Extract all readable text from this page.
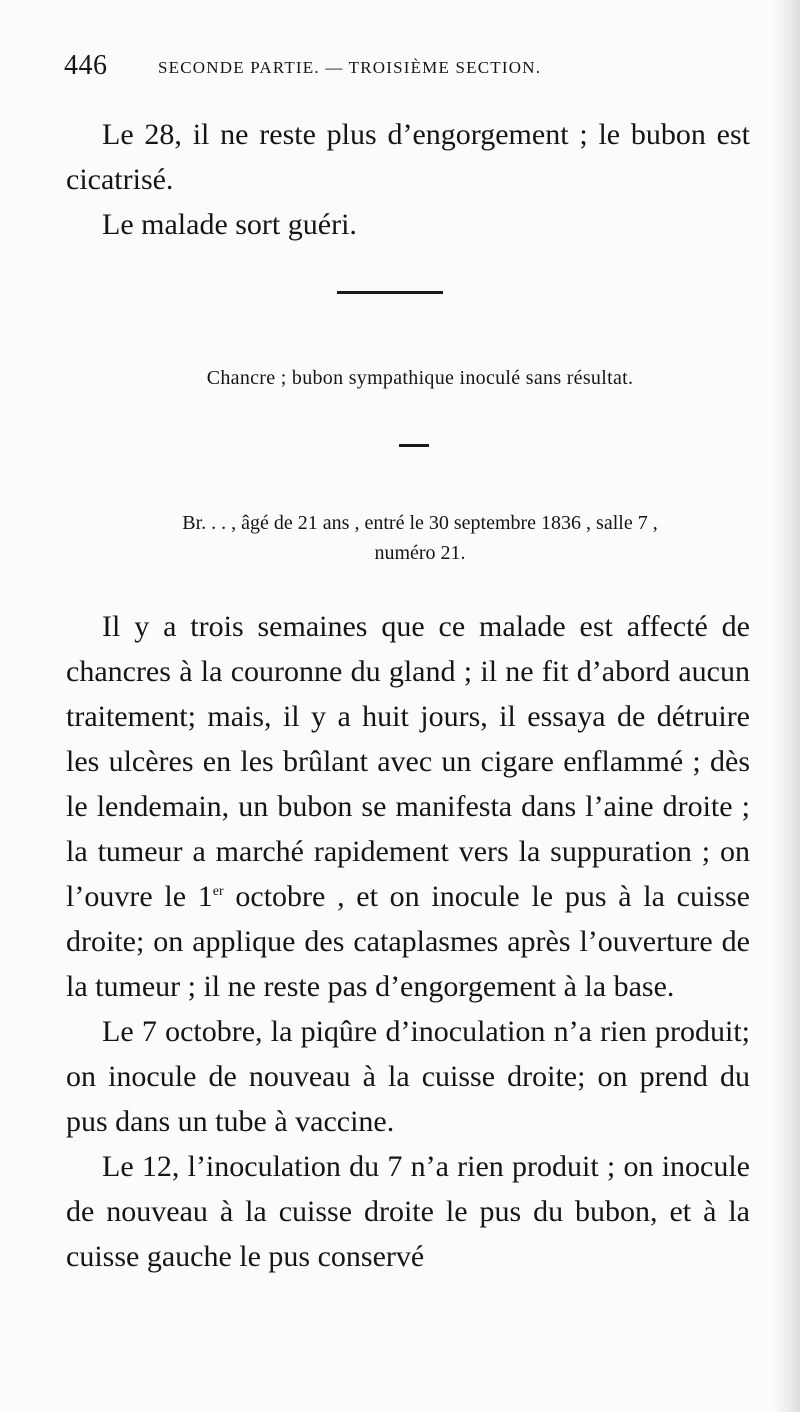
446	SECONDE PARTIE. — TROISIÈME SECTION.

Le 28, il ne reste plus d’engorgement ; le bubon est cicatrisé.

Le malade sort guéri.

Chancre ; bubon sympathique inoculé sans résultat.
Br. . . , âgé de 21 ans , entré le 30 septembre 1836 , salle 7 ,
numéro 21.

Il y a trois semaines que ce malade est affecté de chancres à la couronne du gland ; il ne fit d’abord aucun traitement; mais, il y a huit jours, il essaya de détruire les ulcères en les brûlant avec un cigare enflammé ; dès le lendemain, un bubon se manifesta dans l’aine droite ; la tumeur a marché rapidement vers la suppuration ; on l’ouvre le 1er octobre , et on inocule le pus à la cuisse droite; on applique des cataplasmes après l’ouverture de la tumeur ; il ne reste pas d’engorgement à la base.

Le 7 octobre, la piqûre d’inoculation n’a rien produit; on inocule de nouveau à la cuisse droite; on prend du pus dans un tube à vaccine.

Le 12, l’inoculation du 7 n’a rien produit ; on inocule de nouveau à la cuisse droite le pus du bubon, et à la cuisse gauche le pus conservé
